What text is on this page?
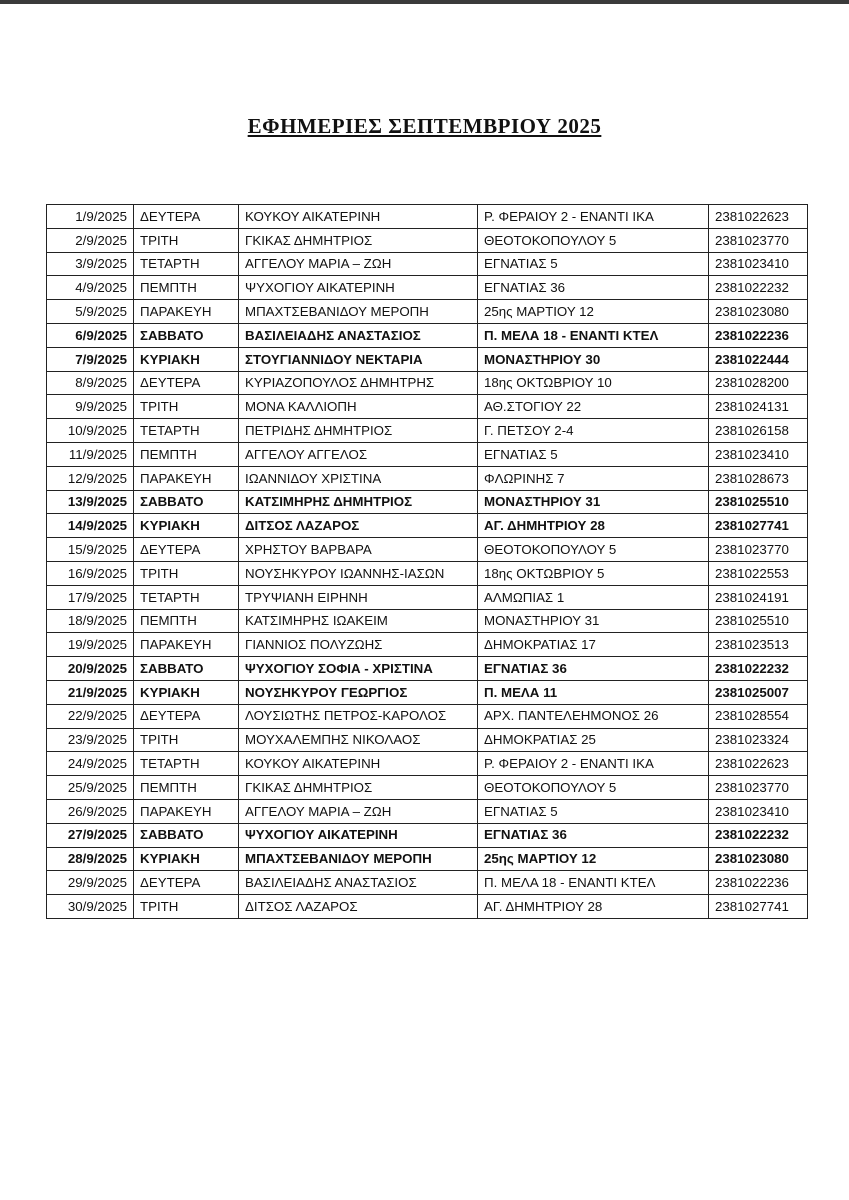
ΕΦΗΜΕΡΙΕΣ ΣΕΠΤΕΜΒΡΙΟΥ 2025
1/9/2025	ΔΕΥΤΕΡΑ	ΚΟΥΚΟΥ ΑΙΚΑΤΕΡΙΝΗ	Ρ. ΦΕΡΑΙΟΥ 2 - ΕΝΑΝΤΙ ΙΚΑ	2381022623
2/9/2025	ΤΡΙΤΗ	ΓΚΙΚΑΣ ΔΗΜΗΤΡΙΟΣ	ΘΕΟΤΟΚΟΠΟΥΛΟΥ 5	2381023770
3/9/2025	ΤΕΤΑΡΤΗ	ΑΓΓΕΛΟΥ ΜΑΡΙΑ – ΖΩΗ	ΕΓΝΑΤΙΑΣ 5	2381023410
4/9/2025	ΠΕΜΠΤΗ	ΨΥΧΟΓΙΟΥ ΑΙΚΑΤΕΡΙΝΗ	ΕΓΝΑΤΙΑΣ 36	2381022232
5/9/2025	ΠΑΡΑΚΕΥΗ	ΜΠΑΧΤΣΕΒΑΝΙΔΟΥ ΜΕΡΟΠΗ	25ης ΜΑΡΤΙΟΥ 12	2381023080
6/9/2025	ΣΑΒΒΑΤΟ	ΒΑΣΙΛΕΙΑΔΗΣ ΑΝΑΣΤΑΣΙΟΣ	Π. ΜΕΛΑ 18 - ΕΝΑΝΤΙ ΚΤΕΛ	2381022236
7/9/2025	ΚΥΡΙΑΚΗ	ΣΤΟΥΓΙΑΝΝΙΔΟΥ ΝΕΚΤΑΡΙΑ	ΜΟΝΑΣΤΗΡΙΟΥ 30	2381022444
8/9/2025	ΔΕΥΤΕΡΑ	ΚΥΡΙΑΖΟΠΟΥΛΟΣ ΔΗΜΗΤΡΗΣ	18ης ΟΚΤΩΒΡΙΟΥ 10	2381028200
9/9/2025	ΤΡΙΤΗ	ΜΟΝΑ ΚΑΛΛΙΟΠΗ	ΑΘ.ΣΤΟΓΙΟΥ 22	2381024131
10/9/2025	ΤΕΤΑΡΤΗ	ΠΕΤΡΙΔΗΣ ΔΗΜΗΤΡΙΟΣ	Γ. ΠΕΤΣΟΥ 2-4	2381026158
11/9/2025	ΠΕΜΠΤΗ	ΑΓΓΕΛΟΥ ΑΓΓΕΛΟΣ	ΕΓΝΑΤΙΑΣ 5	2381023410
12/9/2025	ΠΑΡΑΚΕΥΗ	ΙΩΑΝΝΙΔΟΥ ΧΡΙΣΤΙΝΑ	ΦΛΩΡΙΝΗΣ 7	2381028673
13/9/2025	ΣΑΒΒΑΤΟ	ΚΑΤΣΙΜΗΡΗΣ ΔΗΜΗΤΡΙΟΣ	ΜΟΝΑΣΤΗΡΙΟΥ 31	2381025510
14/9/2025	ΚΥΡΙΑΚΗ	ΔΙΤΣΟΣ ΛΑΖΑΡΟΣ	ΑΓ. ΔΗΜΗΤΡΙΟΥ 28	2381027741
15/9/2025	ΔΕΥΤΕΡΑ	ΧΡΗΣΤΟΥ ΒΑΡΒΑΡΑ	ΘΕΟΤΟΚΟΠΟΥΛΟΥ 5	2381023770
16/9/2025	ΤΡΙΤΗ	ΝΟΥΣΗΚΥΡΟΥ ΙΩΑΝΝΗΣ-ΙΑΣΩΝ	18ης ΟΚΤΩΒΡΙΟΥ 5	2381022553
17/9/2025	ΤΕΤΑΡΤΗ	ΤΡΥΨΙΑΝΗ ΕΙΡΗΝΗ	ΑΛΜΩΠΙΑΣ 1	2381024191
18/9/2025	ΠΕΜΠΤΗ	ΚΑΤΣΙΜΗΡΗΣ ΙΩΑΚΕΙΜ	ΜΟΝΑΣΤΗΡΙΟΥ 31	2381025510
19/9/2025	ΠΑΡΑΚΕΥΗ	ΓΙΑΝΝΙΟΣ ΠΟΛΥΖΩΗΣ	ΔΗΜΟΚΡΑΤΙΑΣ 17	2381023513
20/9/2025	ΣΑΒΒΑΤΟ	ΨΥΧΟΓΙΟΥ ΣΟΦΙΑ - ΧΡΙΣΤΙΝΑ	ΕΓΝΑΤΙΑΣ 36	2381022232
21/9/2025	ΚΥΡΙΑΚΗ	ΝΟΥΣΗΚΥΡΟΥ ΓΕΩΡΓΙΟΣ	Π. ΜΕΛΑ 11	2381025007
22/9/2025	ΔΕΥΤΕΡΑ	ΛΟΥΣΙΩΤΗΣ ΠΕΤΡΟΣ-ΚΑΡΟΛΟΣ	ΑΡΧ. ΠΑΝΤΕΛΕΗΜΟΝΟΣ 26	2381028554
23/9/2025	ΤΡΙΤΗ	ΜΟΥΧΑΛΕΜΠΗΣ ΝΙΚΟΛΑΟΣ	ΔΗΜΟΚΡΑΤΙΑΣ 25	2381023324
24/9/2025	ΤΕΤΑΡΤΗ	ΚΟΥΚΟΥ ΑΙΚΑΤΕΡΙΝΗ	Ρ. ΦΕΡΑΙΟΥ 2 - ΕΝΑΝΤΙ ΙΚΑ	2381022623
25/9/2025	ΠΕΜΠΤΗ	ΓΚΙΚΑΣ ΔΗΜΗΤΡΙΟΣ	ΘΕΟΤΟΚΟΠΟΥΛΟΥ 5	2381023770
26/9/2025	ΠΑΡΑΚΕΥΗ	ΑΓΓΕΛΟΥ ΜΑΡΙΑ – ΖΩΗ	ΕΓΝΑΤΙΑΣ 5	2381023410
27/9/2025	ΣΑΒΒΑΤΟ	ΨΥΧΟΓΙΟΥ ΑΙΚΑΤΕΡΙΝΗ	ΕΓΝΑΤΙΑΣ 36	2381022232
28/9/2025	ΚΥΡΙΑΚΗ	ΜΠΑΧΤΣΕΒΑΝΙΔΟΥ ΜΕΡΟΠΗ	25ης ΜΑΡΤΙΟΥ 12	2381023080
29/9/2025	ΔΕΥΤΕΡΑ	ΒΑΣΙΛΕΙΑΔΗΣ ΑΝΑΣΤΑΣΙΟΣ	Π. ΜΕΛΑ 18 - ΕΝΑΝΤΙ ΚΤΕΛ	2381022236
30/9/2025	ΤΡΙΤΗ	ΔΙΤΣΟΣ ΛΑΖΑΡΟΣ	ΑΓ. ΔΗΜΗΤΡΙΟΥ 28	2381027741
